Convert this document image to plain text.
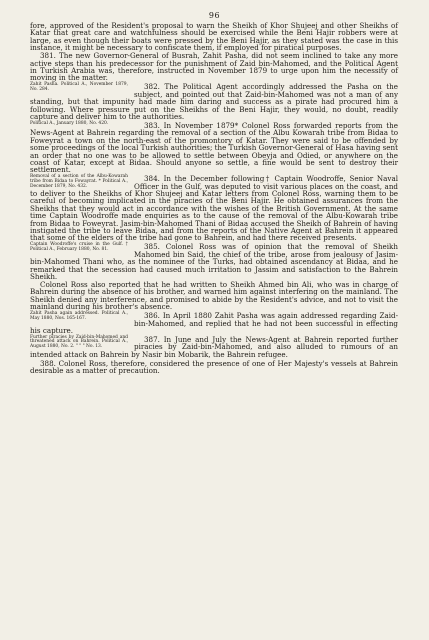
96

fore, approved of the Resident's proposal to warn the Sheikh of Khor Shujeej and other Sheikhs of Katar that great care and watchfulness should be exercised while the Beni Hajir robbers were at large, as even though their boats were pressed by the Beni Hajir, as they stated was the case in this instance, it might be necessary to confiscate them, if employed for piratical purposes.

381. The new Governor-General of Busrah, Zahit Pasha, did not seem inclined to take any more active steps than his predecessor for the punishment of Zaid bin-Mahomed, and the Political Agent in Turkish Arabia was, therefore, instructed in November 1879 to urge upon him the necessity of moving in the matter.

Zahit Pasha. Political A., November 1879, No. 284.	382. The Political Agent accordingly addressed the Pasha on the subject, and pointed out that Zaid-bin-Mahomed was not a man of any standing, but that impunity had made him daring and success as a pirate had procured him a following. Where pressure put on the Sheikhs of the Beni Hajir, they would, no doubt, readily capture and deliver him to the authorities.

Political A., January 1880, No. 420.	383. In November 1879* Colonel Ross forwarded reports from the News-Agent at Bahrein regarding the removal of a section of the Albu Kowarah tribe from Bidaa to Foweyrat a town on the north-east of the promontory of Katar. They were said to be offended by some proceedings of the local Turkish authorities; the Turkish Governor-General of Hasa having sent an order that no one was to be allowed to settle between Obeyja and Odied, or anywhere on the coast of Katar, except at Bidaa. Should anyone so settle, a fine would be sent to destroy their settlement.

Removal of a section of the Albu-Kowarah tribe from Bidaa to Fowayrat. * Political A., December 1879, No. 432.

384. In the December following† Captain Woodroffe, Senior Naval Officer in the Gulf, was deputed to visit various places on the coast, and to deliver to the Sheikhs of Khor Shujeej and Katar letters from Colonel Ross, warning them to be careful of becoming implicated in the piracies of the Beni Hajir. He obtained assurances from the Sheikhs that they would act in accordance with the wishes of the British Government. At the same time Captain Woodroffe made enquiries as to the cause of the removal of the Albu-Kowarah tribe from Bidaa to Foweyrat. Jasim-bin-Mahomed Thani of Bidaa accused the Sheikh of Bahrein of having instigated the tribe to leave Bidaa, and from the reports of the Native Agent at Bahrein it appeared that some of the elders of the tribe had gone to Bahrein, and had there received presents.

Captain Woodroffe's cruise in the Gulf. † Political A., February 1880, No. 81.	385. Colonel Ross was of opinion that the removal of Sheikh Mahomed bin Said, the chief of the tribe, arose from jealousy of Jasim-bin-Mahomed Thani who, as the nominee of the Turks, had obtained ascendancy at Bidaa, and he remarked that the secession had caused much irritation to Jassim and satisfaction to the Bahrein Sheikh.

Colonel Ross also reported that he had written to Sheikh Ahmed bin Ali, who was in charge of Bahrein during the absence of his brother, and warned him against interfering on the mainland. The Sheikh denied any interference, and promised to abide by the Resident's advice, and not to visit the mainland during his brother's absence.

Zahit Pasha again addressed. Political A., May 1880, Nos. 165-167.	386. In April 1880 Zahit Pasha was again addressed regarding Zaid-bin-Mahomed, and replied that he had not been successful in effecting his capture.

Further piracies by Zaid-bin-Mahomed and threatened attack on Bahrein. Political A., August 1880, No. 2. " " " No. 13.

387. In June and July the News-Agent at Bahrein reported further piracies by Zaid-bin-Mahomed, and also alluded to rumours of an intended attack on Bahrein by Nasir bin Mobarik, the Bahrein refugee.

388. Colonel Ross, therefore, considered the presence of one of Her Majesty's vessels at Bahrein desirable as a matter of precaution.
